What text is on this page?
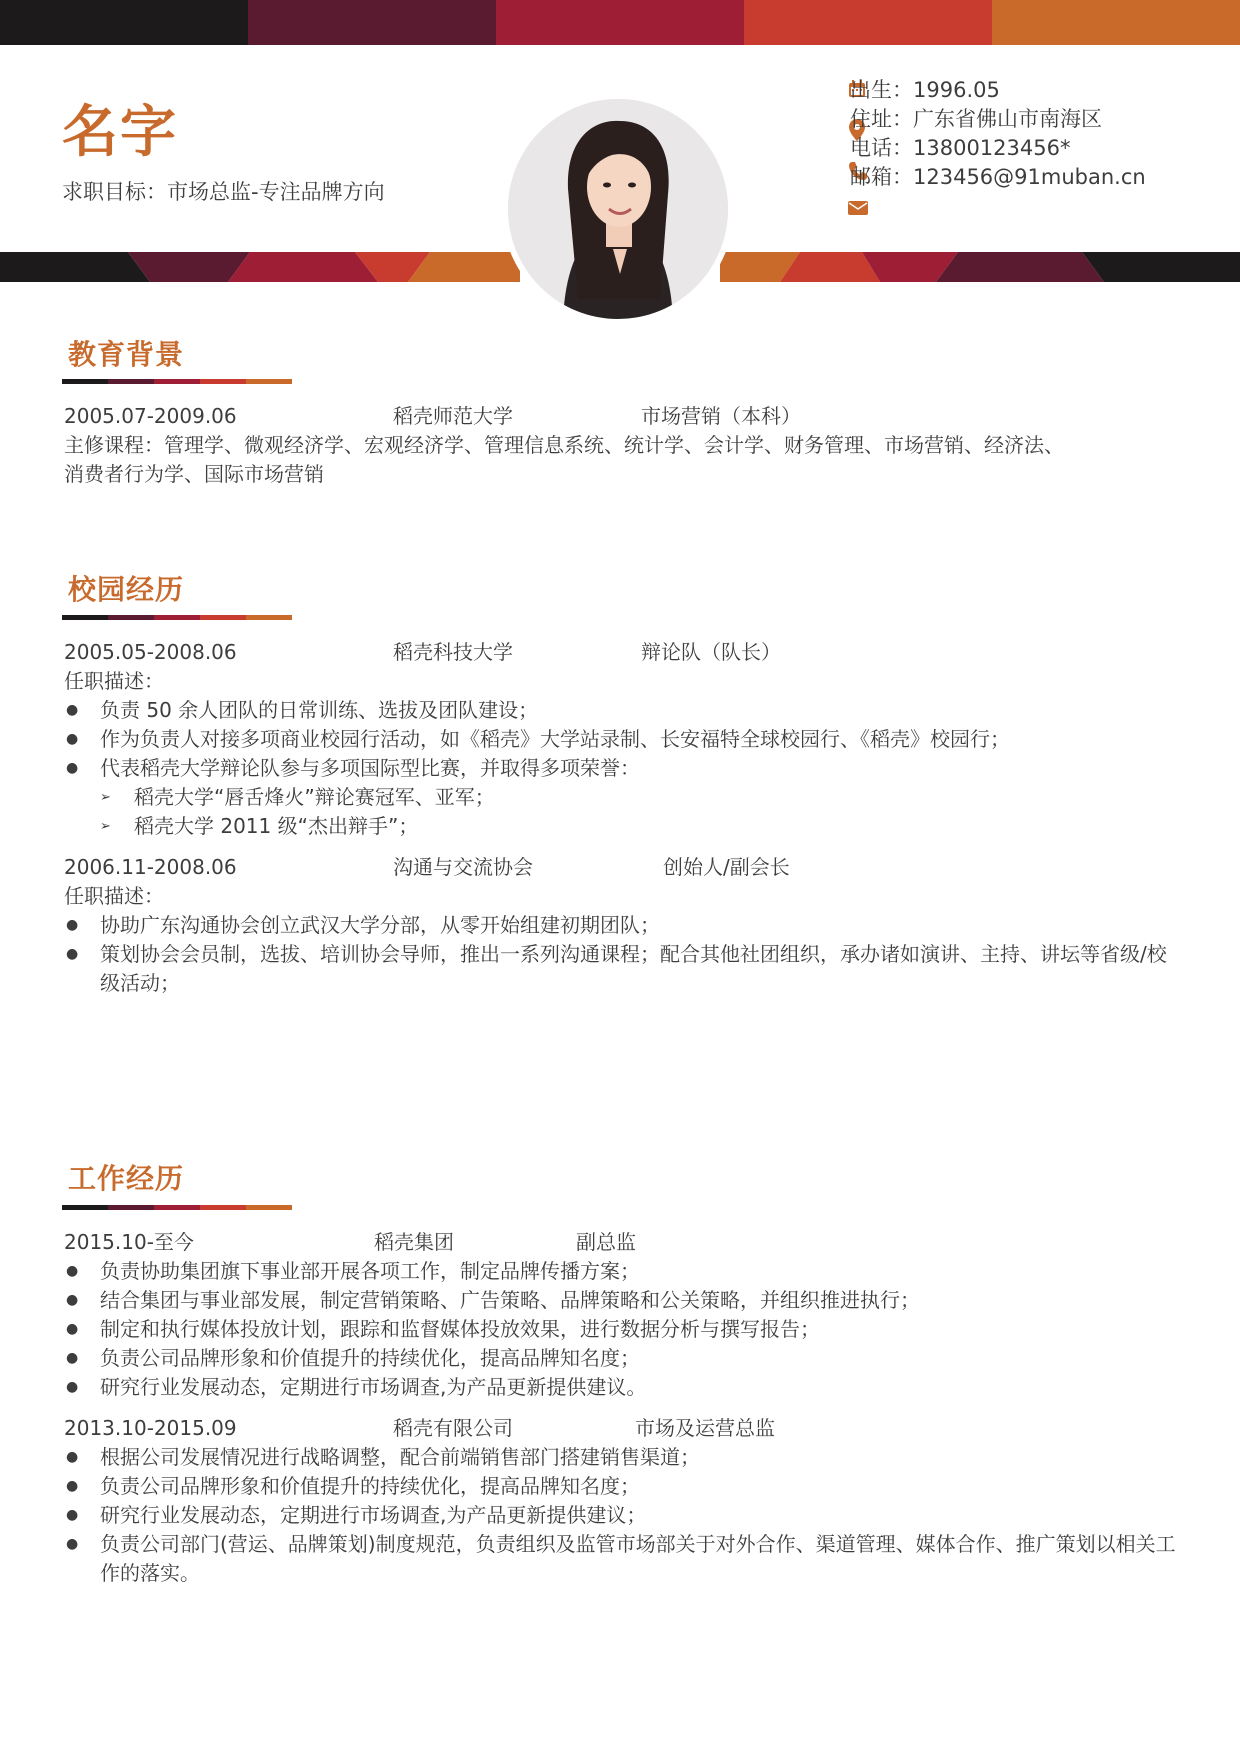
名字
求职目标：市场总监-专注品牌方向
出生：1996.05
住址：广东省佛山市南海区
电话：13800123456*
邮箱：123456@91muban.cn
教育背景
2005.07-2009.06	稻壳师范大学	市场营销（本科）
主修课程：管理学、微观经济学、宏观经济学、管理信息系统、统计学、会计学、财务管理、市场营销、经济法、
消费者行为学、国际市场营销
校园经历
2005.05-2008.06	稻壳科技大学	辩论队（队长）
任职描述：
● 负责 50 余人团队的日常训练、选拔及团队建设；
● 作为负责人对接多项商业校园行活动，如《稻壳》大学站录制、长安福特全球校园行、《稻壳》校园行；
● 代表稻壳大学辩论队参与多项国际型比赛，并取得多项荣誉：
➢ 稻壳大学“唇舌烽火”辩论赛冠军、亚军；
➢ 稻壳大学 2011 级“杰出辩手”；
2006.11-2008.06	沟通与交流协会	创始人/副会长
任职描述：
● 协助广东沟通协会创立武汉大学分部，从零开始组建初期团队；
● 策划协会会员制，选拔、培训协会导师，推出一系列沟通课程；配合其他社团组织，承办诸如演讲、主持、讲坛等省级/校级活动；
工作经历
2015.10-至今	稻壳集团	副总监
● 负责协助集团旗下事业部开展各项工作，制定品牌传播方案；
● 结合集团与事业部发展，制定营销策略、广告策略、品牌策略和公关策略，并组织推进执行；
● 制定和执行媒体投放计划，跟踪和监督媒体投放效果，进行数据分析与撰写报告；
● 负责公司品牌形象和价值提升的持续优化，提高品牌知名度；
● 研究行业发展动态，定期进行市场调查,为产品更新提供建议。
2013.10-2015.09	稻壳有限公司	市场及运营总监
● 根据公司发展情况进行战略调整，配合前端销售部门搭建销售渠道；
● 负责公司品牌形象和价值提升的持续优化，提高品牌知名度；
● 研究行业发展动态，定期进行市场调查,为产品更新提供建议；
● 负责公司部门(营运、品牌策划)制度规范，负责组织及监管市场部关于对外合作、渠道管理、媒体合作、推广策划以相关工作的落实。
